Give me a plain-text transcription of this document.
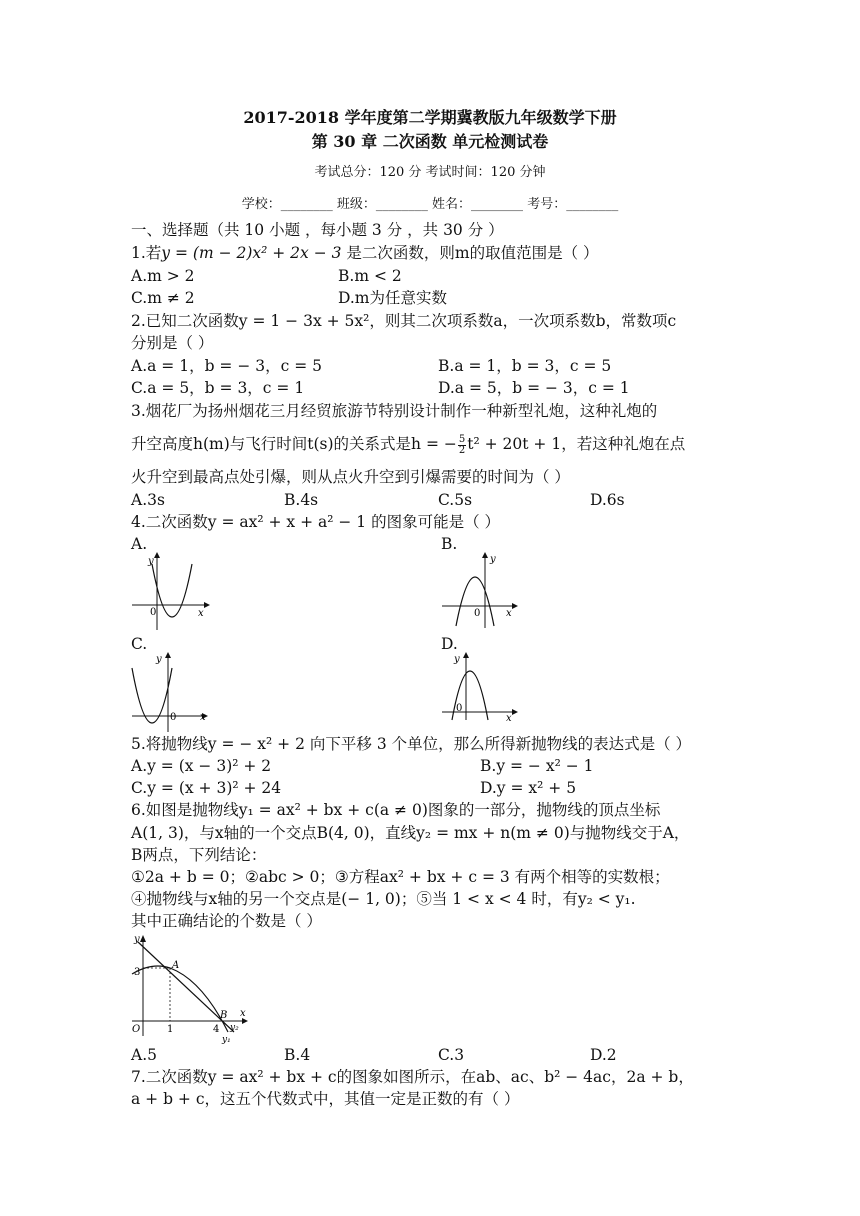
2017-2018 学年度第二学期冀教版九年级数学下册
第 30 章 二次函数 单元检测试卷
考试总分：120 分 考试时间：120 分钟
学校：________ 班级：________ 姓名：________ 考号：________
一、选择题（共 10 小题 ，每小题 3 分 ，共 30 分 ）
1.若y = (m − 2)x² + 2x − 3 是二次函数，则m的取值范围是（ ）
A.m > 2	B.m < 2
C.m ≠ 2	D.m为任意实数
2.已知二次函数y = 1 − 3x + 5x²，则其二次项系数a，一次项系数b，常数项c
分别是（ ）
A.a = 1，b = − 3，c = 5	B.a = 1，b = 3，c = 5
C.a = 5，b = 3，c = 1	D.a = 5，b = − 3，c = 1
3.烟花厂为扬州烟花三月经贸旅游节特别设计制作一种新型礼炮，这种礼炮的
升空高度h(m)与飞行时间t(s)的关系式是h = − $\frac{5}{2} t^2 + 20t + 1$，若这种礼炮在点
火升空到最高点处引爆，则从点火升空到引爆需要的时间为（ ）
A.3s	B.4s	C.5s	D.6s
4.二次函数y = ax² + x + a² − 1 的图象可能是（ ）
A.	B.
C.	D.
y
x
0
y
x
0
y
x
0
y
x
0
5.将抛物线y = − x² + 2 向下平移 3 个单位，那么所得新抛物线的表达式是（ ）
A.y = (x − 3)² + 2	B.y = − x² − 1
C.y = (x + 3)² + 24	D.y = x² + 5
6.如图是抛物线y₁ = ax² + bx + c(a ≠ 0)图象的一部分，抛物线的顶点坐标
A(1, 3)，与x轴的一个交点B(4, 0)，直线y₂ = mx + n(m ≠ 0)与抛物线交于A，
B两点，下列结论：
①2a + b = 0；②abc > 0；③方程ax² + bx + c = 3 有两个相等的实数根；
④抛物线与x轴的另一个交点是(− 1, 0)；⑤当 1 < x < 4 时，有y₂ < y₁.
其中正确结论的个数是（ ）
y
x
O
3
1	4
A
B
y₂
y₁
A.5	B.4	C.3	D.2
7.二次函数y = ax² + bx + c的图象如图所示，在ab、ac、b² − 4ac，2a + b，
a + b + c，这五个代数式中，其值一定是正数的有（ ）
